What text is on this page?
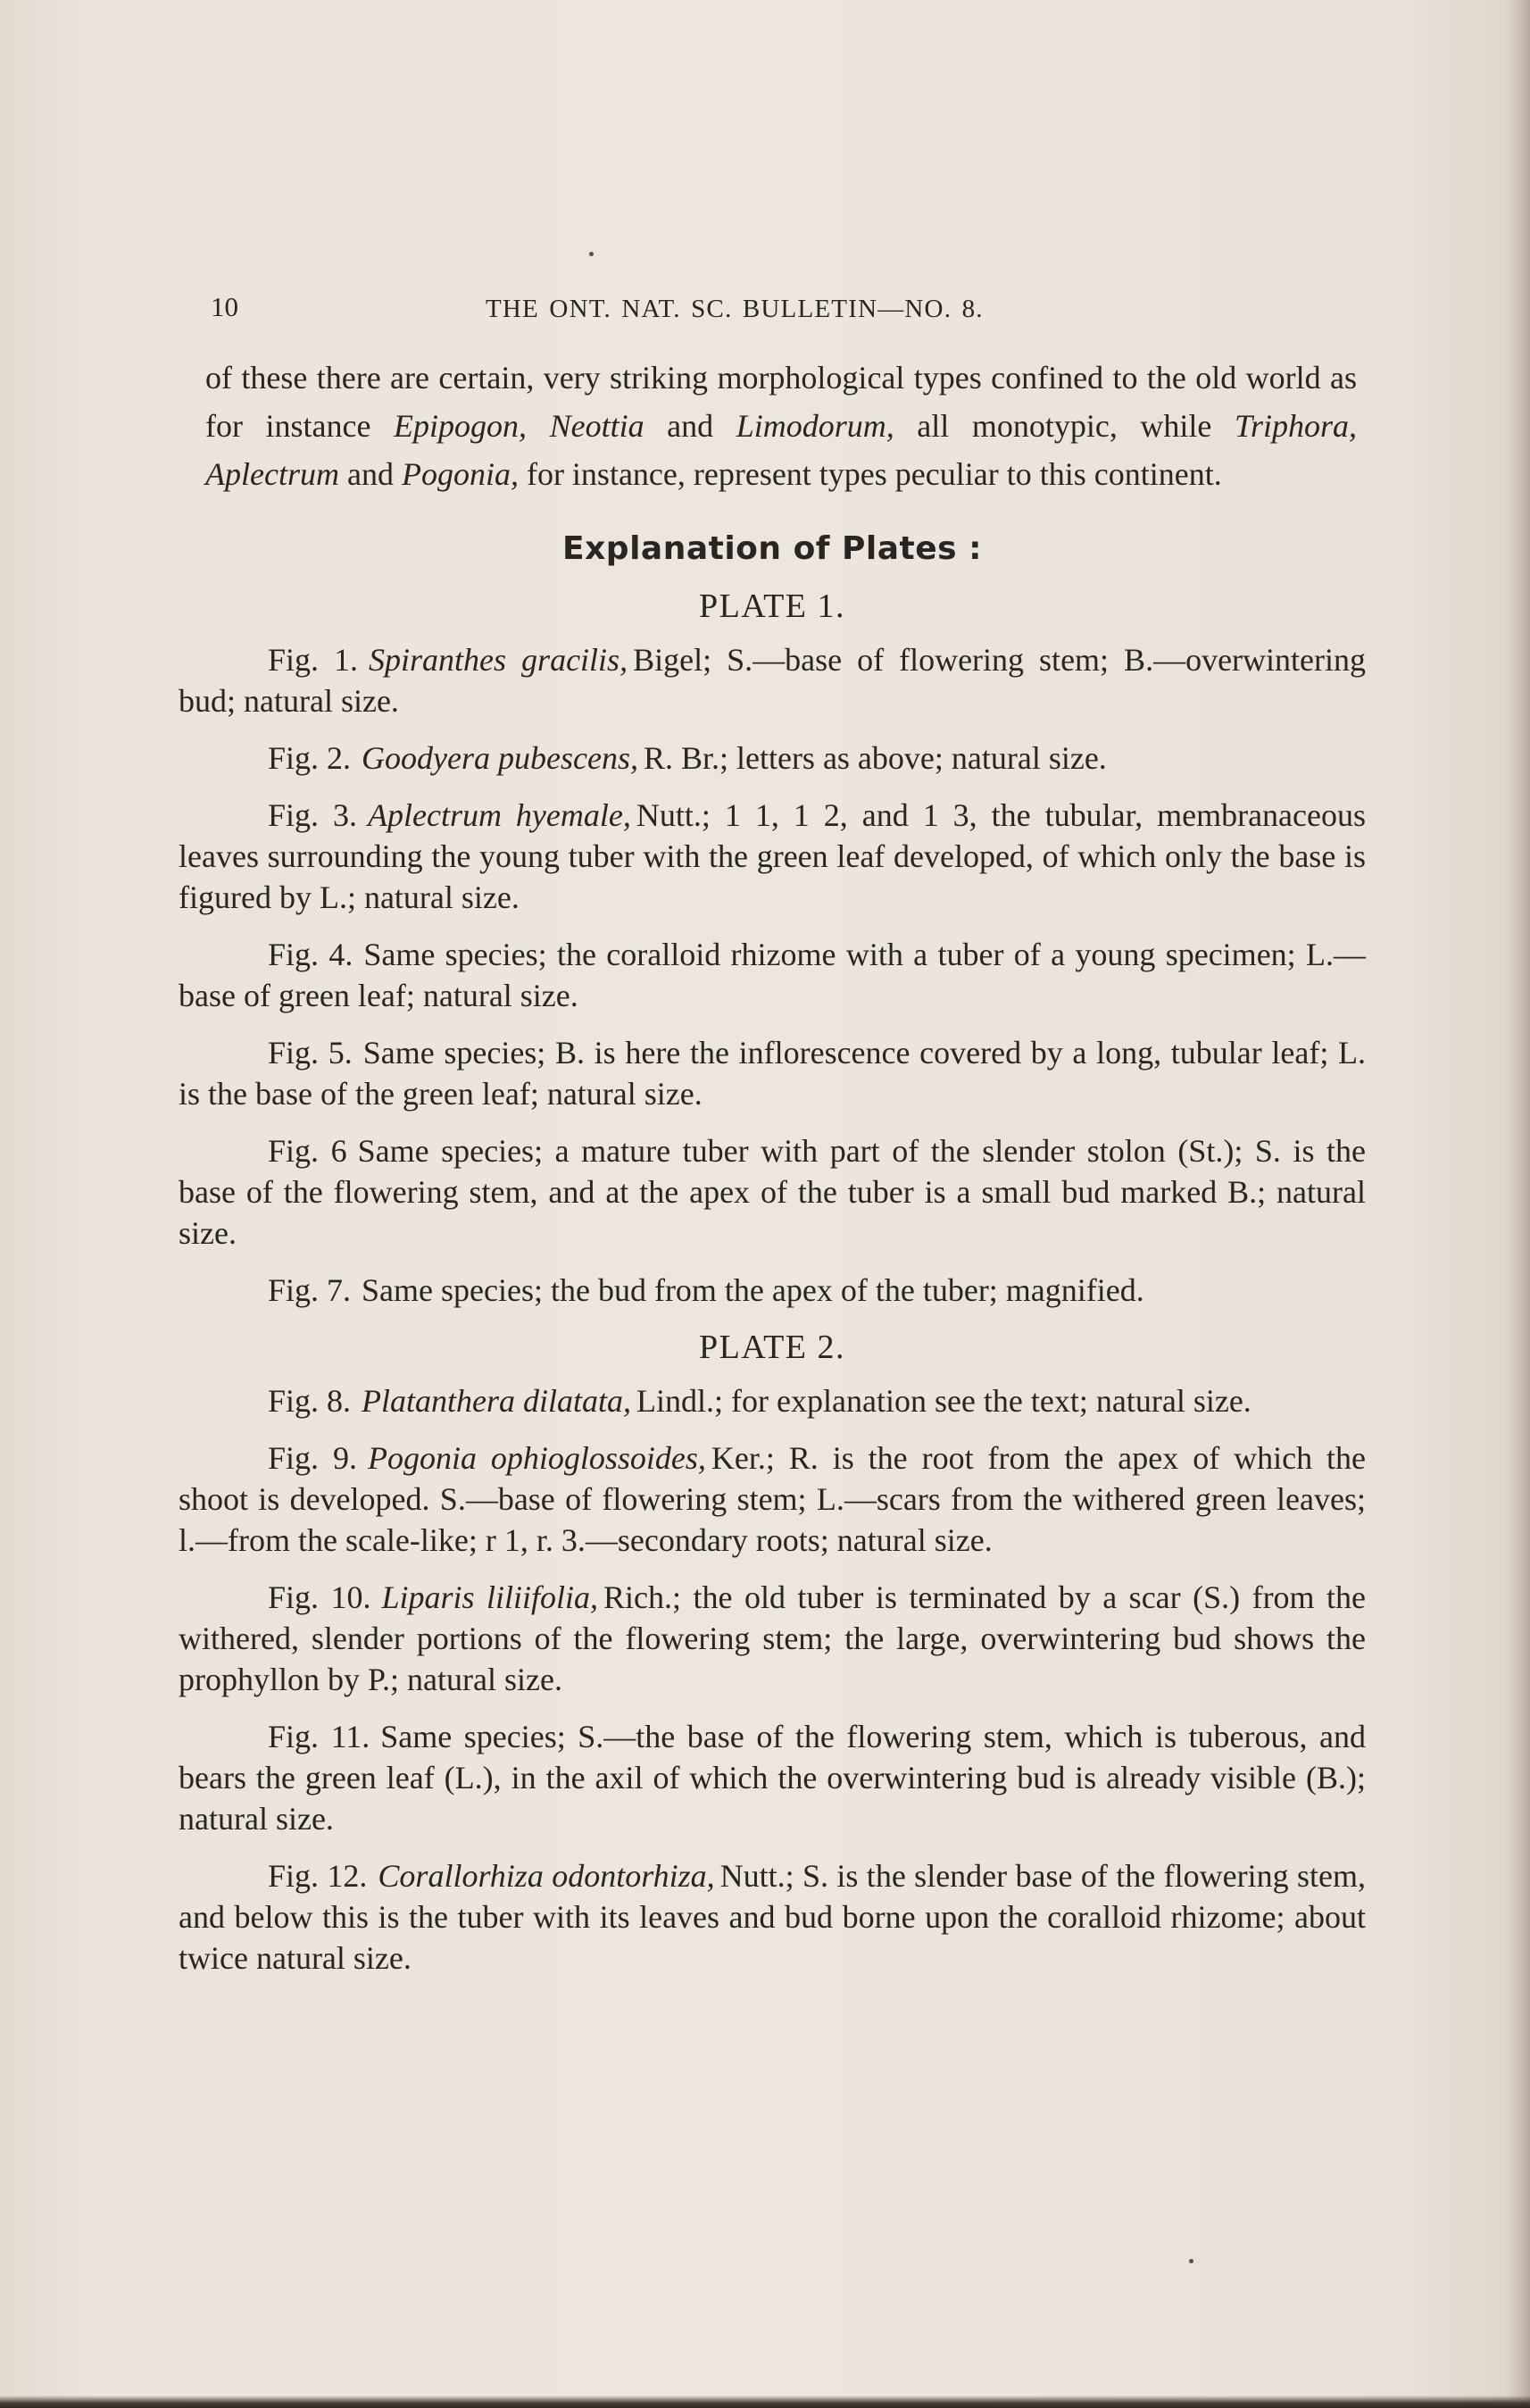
10	THE ONT. NAT. SC. BULLETIN—NO. 8.

of these there are certain, very striking morphological types confined to the old world as for instance Epipogon, Neottia and Limodorum, all monotypic, while Triphora, Aplectrum and Pogonia, for instance, represent types peculiar to this continent.

Explanation of Plates :
PLATE 1.

Fig. 1. Spiranthes gracilis, Bigel; S.—base of flowering stem; B.—overwintering bud; natural size.

Fig. 2. Goodyera pubescens, R. Br.; letters as above; natural size.

Fig. 3. Aplectrum hyemale, Nutt.; 1 1, 1 2, and 1 3, the tubular, membranaceous leaves surrounding the young tuber with the green leaf developed, of which only the base is figured by L.; natural size.

Fig. 4. Same species; the coralloid rhizome with a tuber of a young specimen; L.—base of green leaf; natural size.

Fig. 5. Same species; B. is here the inflorescence covered by a long, tubular leaf; L. is the base of the green leaf; natural size.

Fig. 6 Same species; a mature tuber with part of the slender stolon (St.); S. is the base of the flowering stem, and at the apex of the tuber is a small bud marked B.; natural size.

Fig. 7. Same species; the bud from the apex of the tuber; magnified.

PLATE 2.

Fig. 8. Platanthera dilatata, Lindl.; for explanation see the text; natural size.

Fig. 9. Pogonia ophioglossoides, Ker.; R. is the root from the apex of which the shoot is developed. S.—base of flowering stem; L.—scars from the withered green leaves; l.—from the scale-like; r 1, r. 3.—secondary roots; natural size.

Fig. 10. Liparis liliifolia, Rich.; the old tuber is terminated by a scar (S.) from the withered, slender portions of the flowering stem; the large, overwintering bud shows the prophyllon by P.; natural size.

Fig. 11. Same species; S.—the base of the flowering stem, which is tuberous, and bears the green leaf (L.), in the axil of which the overwintering bud is already visible (B.); natural size.

Fig. 12. Corallorhiza odontorhiza, Nutt.; S. is the slender base of the flowering stem, and below this is the tuber with its leaves and bud borne upon the coralloid rhizome; about twice natural size.
